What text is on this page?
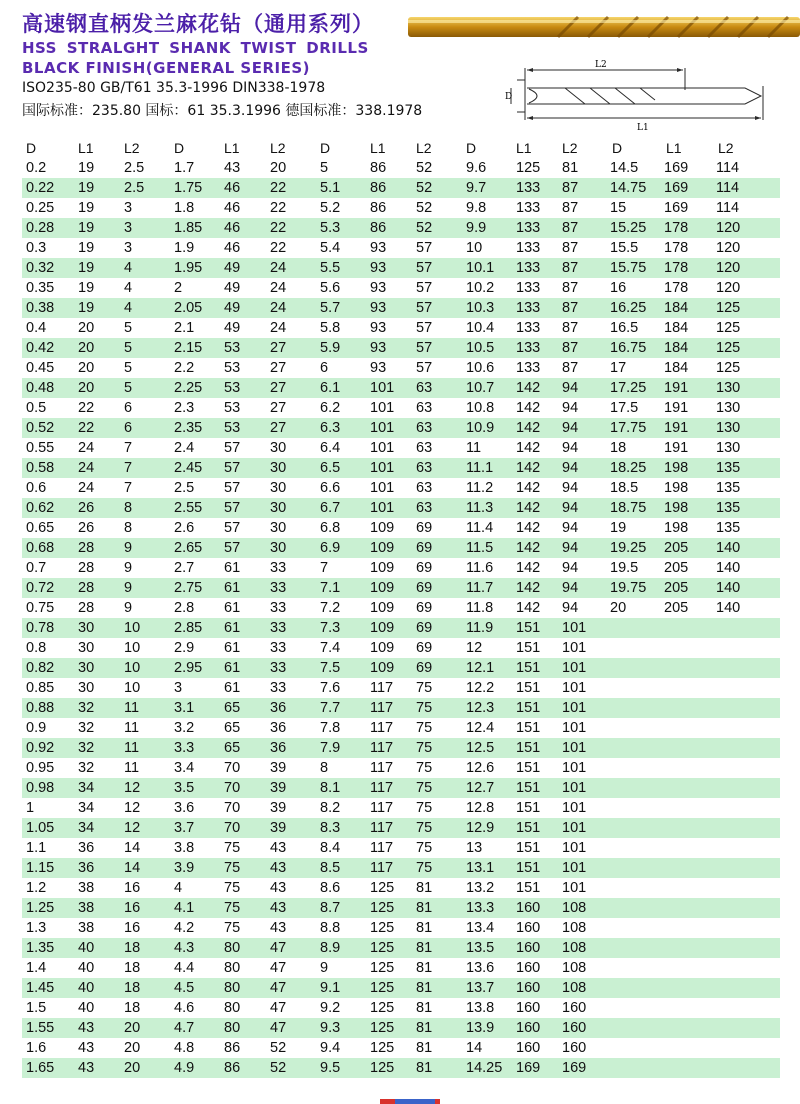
高速钢直柄发兰麻花钻（通用系列）
HSS STRALGHT SHANK TWIST DRILLS
BLACK FINISH(GENERAL SERIES)
ISO235-80 GB/T61 35.3-1996 DIN338-1978
国际标准：235.80 国标：61 35.3.1996 德国标准：338.1978
L2
D
L1
D	L1	L2	D	L1	L2	D	L1	L2	D	L1	L2	D	L1	L2
0.2	19	2.5	1.7	43	20	5	86	52	9.6	125	81	14.5	169	114
0.22	19	2.5	1.75	46	22	5.1	86	52	9.7	133	87	14.75	169	114
0.25	19	3	1.8	46	22	5.2	86	52	9.8	133	87	15	169	114
0.28	19	3	1.85	46	22	5.3	86	52	9.9	133	87	15.25	178	120
0.3	19	3	1.9	46	22	5.4	93	57	10	133	87	15.5	178	120
0.32	19	4	1.95	49	24	5.5	93	57	10.1	133	87	15.75	178	120
0.35	19	4	2	49	24	5.6	93	57	10.2	133	87	16	178	120
0.38	19	4	2.05	49	24	5.7	93	57	10.3	133	87	16.25	184	125
0.4	20	5	2.1	49	24	5.8	93	57	10.4	133	87	16.5	184	125
0.42	20	5	2.15	53	27	5.9	93	57	10.5	133	87	16.75	184	125
0.45	20	5	2.2	53	27	6	93	57	10.6	133	87	17	184	125
0.48	20	5	2.25	53	27	6.1	101	63	10.7	142	94	17.25	191	130
0.5	22	6	2.3	53	27	6.2	101	63	10.8	142	94	17.5	191	130
0.52	22	6	2.35	53	27	6.3	101	63	10.9	142	94	17.75	191	130
0.55	24	7	2.4	57	30	6.4	101	63	11	142	94	18	191	130
0.58	24	7	2.45	57	30	6.5	101	63	11.1	142	94	18.25	198	135
0.6	24	7	2.5	57	30	6.6	101	63	11.2	142	94	18.5	198	135
0.62	26	8	2.55	57	30	6.7	101	63	11.3	142	94	18.75	198	135
0.65	26	8	2.6	57	30	6.8	109	69	11.4	142	94	19	198	135
0.68	28	9	2.65	57	30	6.9	109	69	11.5	142	94	19.25	205	140
0.7	28	9	2.7	61	33	7	109	69	11.6	142	94	19.5	205	140
0.72	28	9	2.75	61	33	7.1	109	69	11.7	142	94	19.75	205	140
0.75	28	9	2.8	61	33	7.2	109	69	11.8	142	94	20	205	140
0.78	30	10	2.85	61	33	7.3	109	69	11.9	151	101			
0.8	30	10	2.9	61	33	7.4	109	69	12	151	101			
0.82	30	10	2.95	61	33	7.5	109	69	12.1	151	101			
0.85	30	10	3	61	33	7.6	117	75	12.2	151	101			
0.88	32	11	3.1	65	36	7.7	117	75	12.3	151	101			
0.9	32	11	3.2	65	36	7.8	117	75	12.4	151	101			
0.92	32	11	3.3	65	36	7.9	117	75	12.5	151	101			
0.95	32	11	3.4	70	39	8	117	75	12.6	151	101			
0.98	34	12	3.5	70	39	8.1	117	75	12.7	151	101			
1	34	12	3.6	70	39	8.2	117	75	12.8	151	101			
1.05	34	12	3.7	70	39	8.3	117	75	12.9	151	101			
1.1	36	14	3.8	75	43	8.4	117	75	13	151	101			
1.15	36	14	3.9	75	43	8.5	117	75	13.1	151	101			
1.2	38	16	4	75	43	8.6	125	81	13.2	151	101			
1.25	38	16	4.1	75	43	8.7	125	81	13.3	160	108			
1.3	38	16	4.2	75	43	8.8	125	81	13.4	160	108			
1.35	40	18	4.3	80	47	8.9	125	81	13.5	160	108			
1.4	40	18	4.4	80	47	9	125	81	13.6	160	108			
1.45	40	18	4.5	80	47	9.1	125	81	13.7	160	108			
1.5	40	18	4.6	80	47	9.2	125	81	13.8	160	160			
1.55	43	20	4.7	80	47	9.3	125	81	13.9	160	160			
1.6	43	20	4.8	86	52	9.4	125	81	14	160	160			
1.65	43	20	4.9	86	52	9.5	125	81	14.25	169	169			
